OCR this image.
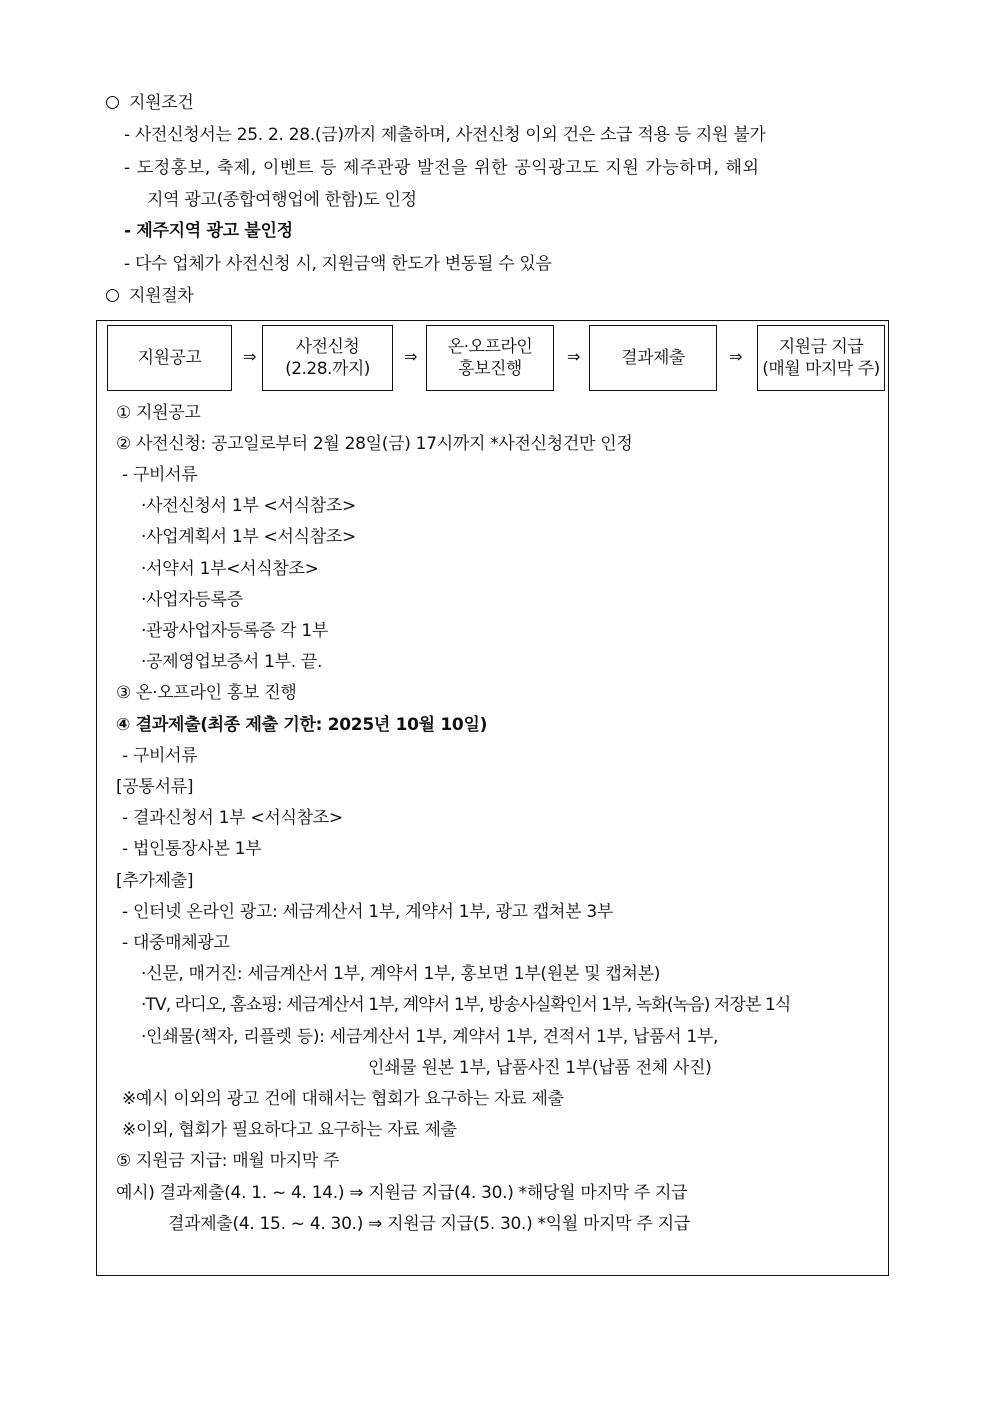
지원조건
- 사전신청서는 25. 2. 28.(금)까지 제출하며, 사전신청 이외 건은 소급 적용 등 지원 불가
- 도정홍보, 축제, 이벤트 등 제주관광 발전을 위한 공익광고도 지원 가능하며, 해외
지역 광고(종합여행업에 한함)도 인정
- 제주지역 광고 불인정
- 다수 업체가 사전신청 시, 지원금액 한도가 변동될 수 있음
지원절차
지원공고	⇒ 사전신청
(2.28.까지)
⇒ 온·오프라인
홍보진행
⇒ 결과제출	⇒ 지원금 지급
(매월 마지막 주)
① 지원공고
② 사전신청: 공고일로부터 2월 28일(금) 17시까지 *사전신청건만 인정
- 구비서류
·사전신청서 1부 <서식참조>
·사업계획서 1부 <서식참조>
·서약서 1부<서식참조>
·사업자등록증
·관광사업자등록증 각 1부
·공제영업보증서 1부. 끝.
③ 온·오프라인 홍보 진행
④ 결과제출(최종 제출 기한: 2025년 10월 10일)
- 구비서류
[공통서류]
- 결과신청서 1부 <서식참조>
- 법인통장사본 1부
[추가제출]
- 인터넷 온라인 광고: 세금계산서 1부, 계약서 1부, 광고 캡쳐본 3부
- 대중매체광고
·신문, 매거진: 세금계산서 1부, 계약서 1부, 홍보면 1부(원본 및 캡쳐본)
·TV, 라디오, 홈쇼핑: 세금계산서 1부, 계약서 1부, 방송사실확인서 1부, 녹화(녹음) 저장본 1식
·인쇄물(책자, 리플렛 등): 세금계산서 1부, 계약서 1부, 견적서 1부, 납품서 1부,
인쇄물 원본 1부, 납품사진 1부(납품 전체 사진)
※예시 이외의 광고 건에 대해서는 협회가 요구하는 자료 제출
※이외, 협회가 필요하다고 요구하는 자료 제출
⑤ 지원금 지급: 매월 마지막 주
예시) 결과제출(4. 1. ~ 4. 14.) ⇒ 지원금 지급(4. 30.) *해당월 마지막 주 지급
결과제출(4. 15. ~ 4. 30.) ⇒ 지원금 지급(5. 30.) *익월 마지막 주 지급
